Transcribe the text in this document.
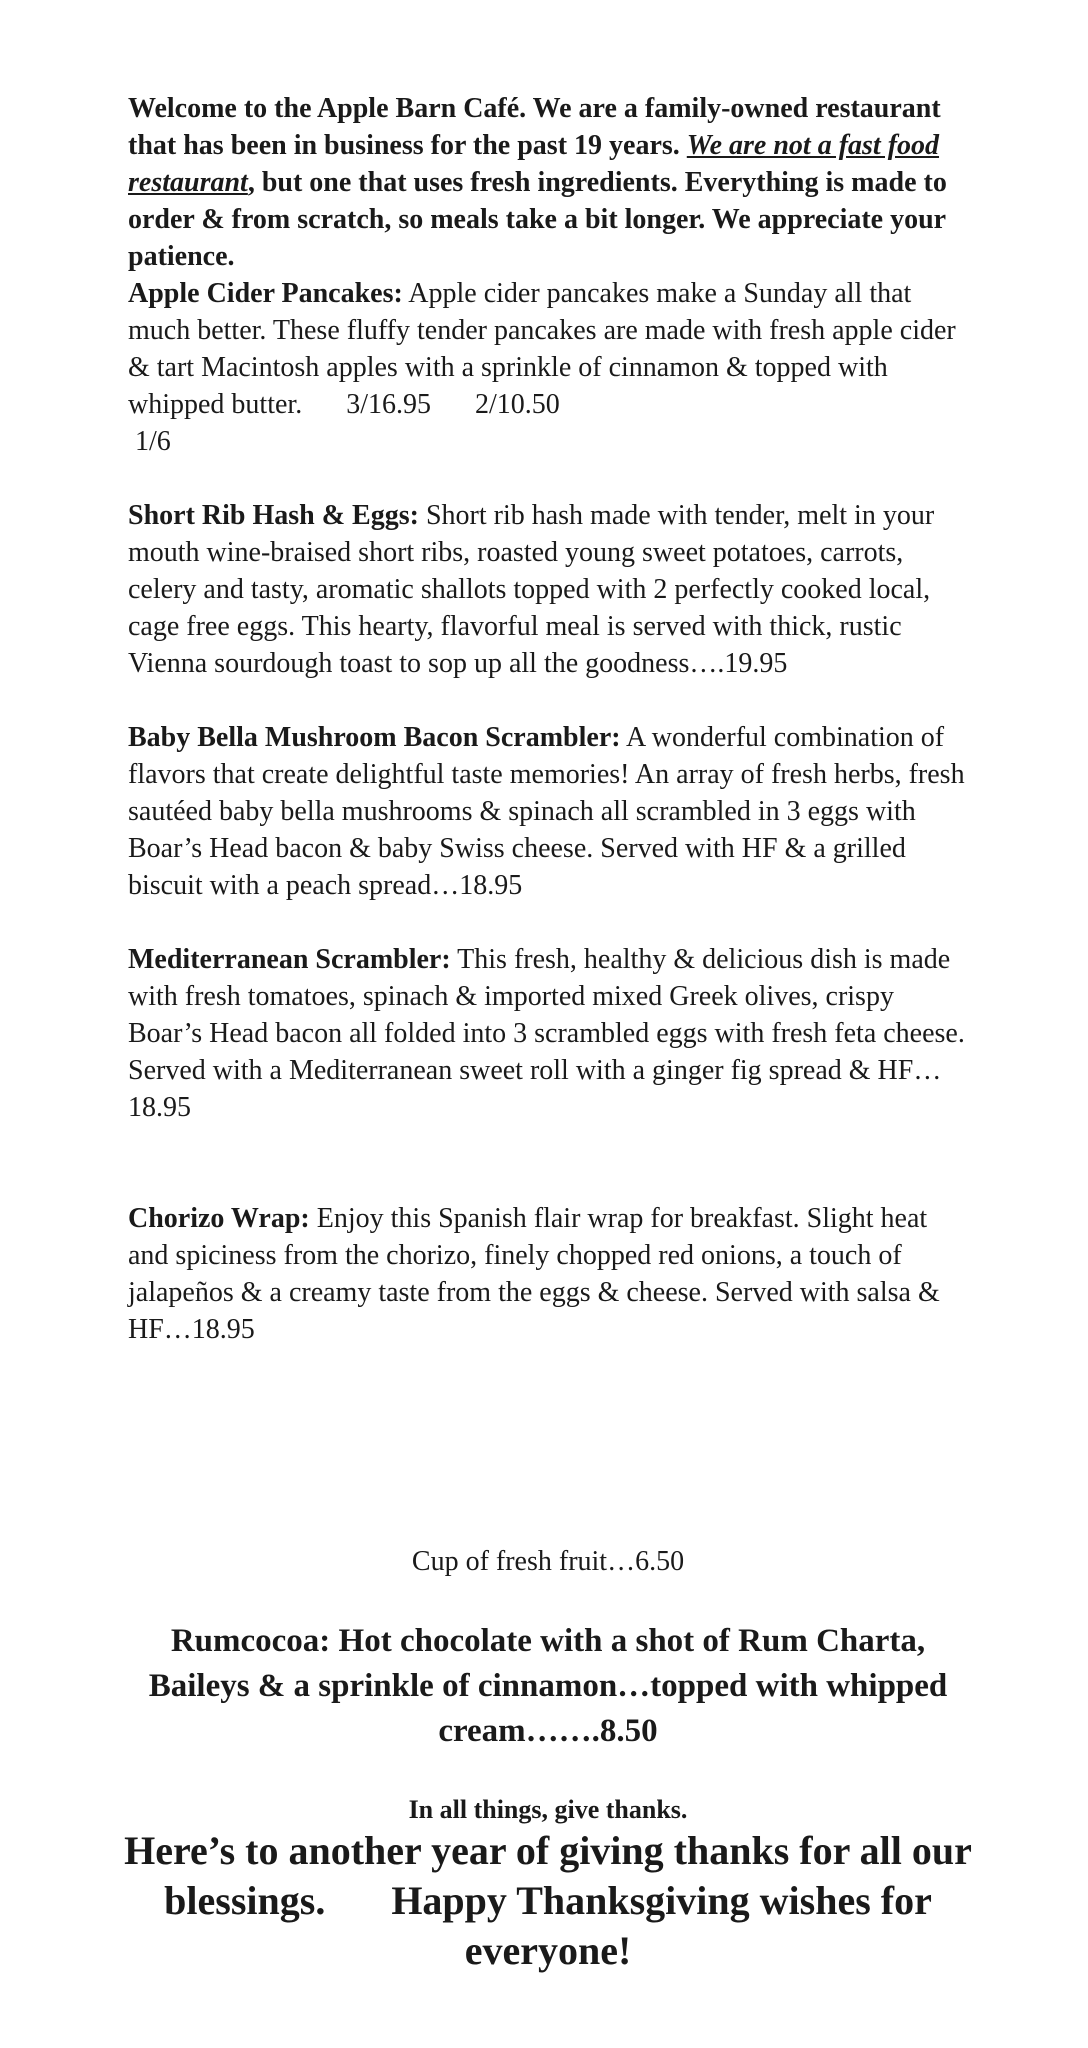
Welcome to the Apple Barn Café. We are a family-owned restaurant that has been in business for the past 19 years. We are not a fast food restaurant, but one that uses fresh ingredients. Everything is made to order & from scratch, so meals take a bit longer. We appreciate your patience.

Apple Cider Pancakes: Apple cider pancakes make a Sunday all that much better. These fluffy tender pancakes are made with fresh apple cider & tart Macintosh apples with a sprinkle of cinnamon & topped with whipped butter. 3/16.95 2/10.50
1/6

Short Rib Hash & Eggs: Short rib hash made with tender, melt in your mouth wine-braised short ribs, roasted young sweet potatoes, carrots, celery and tasty, aromatic shallots topped with 2 perfectly cooked local, cage free eggs. This hearty, flavorful meal is served with thick, rustic Vienna sourdough toast to sop up all the goodness….19.95

Baby Bella Mushroom Bacon Scrambler: A wonderful combination of flavors that create delightful taste memories! An array of fresh herbs, fresh sautéed baby bella mushrooms & spinach all scrambled in 3 eggs with Boar’s Head bacon & baby Swiss cheese. Served with HF & a grilled biscuit with a peach spread…18.95

Mediterranean Scrambler: This fresh, healthy & delicious dish is made with fresh tomatoes, spinach & imported mixed Greek olives, crispy Boar’s Head bacon all folded into 3 scrambled eggs with fresh feta cheese. Served with a Mediterranean sweet roll with a ginger fig spread & HF…18.95

Chorizo Wrap: Enjoy this Spanish flair wrap for breakfast. Slight heat and spiciness from the chorizo, finely chopped red onions, a touch of jalapeños & a creamy taste from the eggs & cheese. Served with salsa & HF…18.95

Cup of fresh fruit…6.50
Rumcocoa: Hot chocolate with a shot of Rum Charta, Baileys & a sprinkle of cinnamon…topped with whipped cream…….8.50
In all things, give thanks.
Here’s to another year of giving thanks for all our blessings. Happy Thanksgiving wishes for everyone!
